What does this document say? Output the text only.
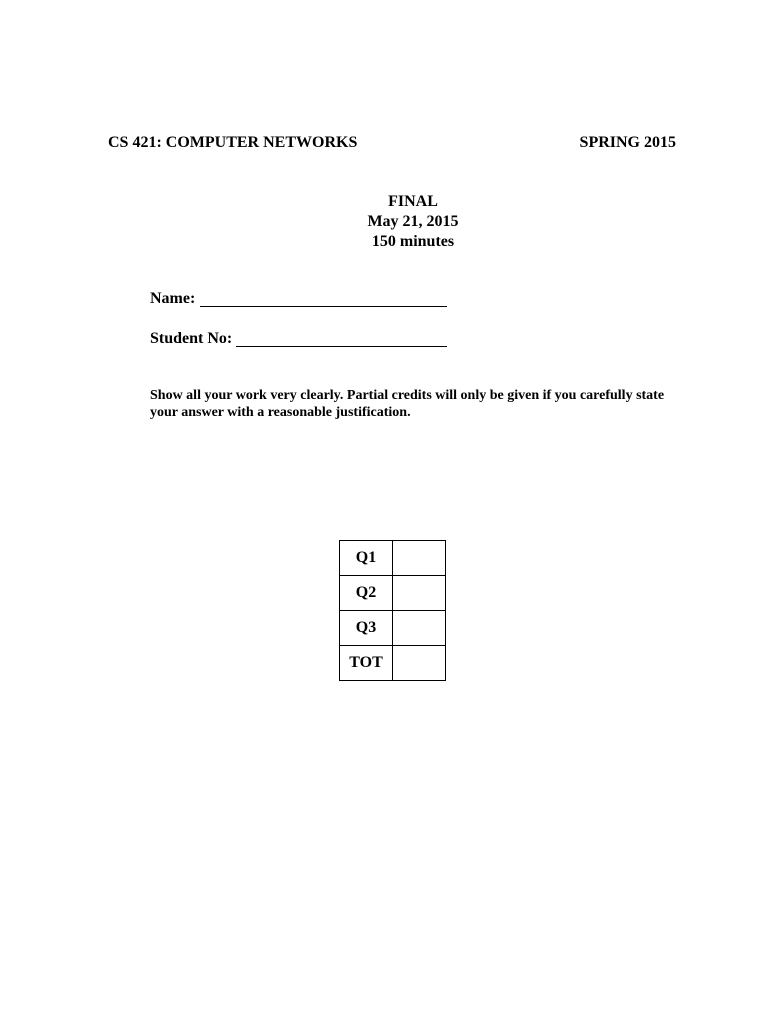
CS 421: COMPUTER NETWORKS	SPRING 2015
FINAL
May 21, 2015
150 minutes
Name:
Student No:
Show all your work very clearly. Partial credits will only be given if you carefully state your answer with a reasonable justification.
Q1	
Q2	
Q3	
TOT	
